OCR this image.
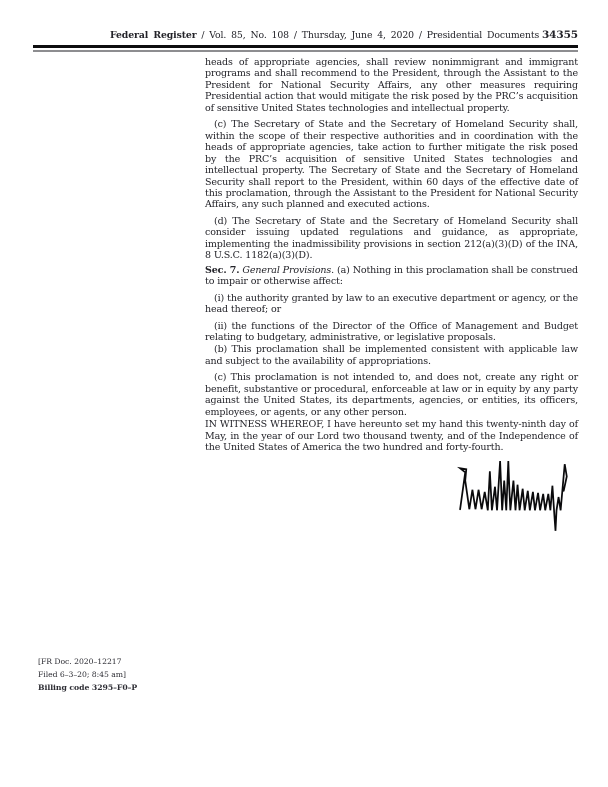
Federal Register / Vol. 85, No. 108 / Thursday, June 4, 2020 / Presidential Documents 34355
heads of appropriate agencies, shall review nonimmigrant and immigrant programs and shall recommend to the President, through the Assistant to the President for National Security Affairs, any other measures requiring Presidential action that would mitigate the risk posed by the PRC’s acquisition of sensitive United States technologies and intellectual property.
(c) The Secretary of State and the Secretary of Homeland Security shall, within the scope of their respective authorities and in coordination with the heads of appropriate agencies, take action to further mitigate the risk posed by the PRC’s acquisition of sensitive United States technologies and intellectual property. The Secretary of State and the Secretary of Homeland Security shall report to the President, within 60 days of the effective date of this proclamation, through the Assistant to the President for National Security Affairs, any such planned and executed actions.
(d) The Secretary of State and the Secretary of Homeland Security shall consider issuing updated regulations and guidance, as appropriate, implementing the inadmissibility provisions in section 212(a)(3)(D) of the INA, 8 U.S.C. 1182(a)(3)(D).
Sec. 7. General Provisions. (a) Nothing in this proclamation shall be construed to impair or otherwise affect:
(i) the authority granted by law to an executive department or agency, or the head thereof; or
(ii) the functions of the Director of the Office of Management and Budget relating to budgetary, administrative, or legislative proposals.
(b) This proclamation shall be implemented consistent with applicable law and subject to the availability of appropriations.
(c) This proclamation is not intended to, and does not, create any right or benefit, substantive or procedural, enforceable at law or in equity by any party against the United States, its departments, agencies, or entities, its officers, employees, or agents, or any other person.
IN WITNESS WHEREOF, I have hereunto set my hand this twenty-ninth day of May, in the year of our Lord two thousand twenty, and of the Independence of the United States of America the two hundred and forty-fourth.
[FR Doc. 2020–12217
Filed 6–3–20; 8:45 am]
Billing code 3295–F0–P
